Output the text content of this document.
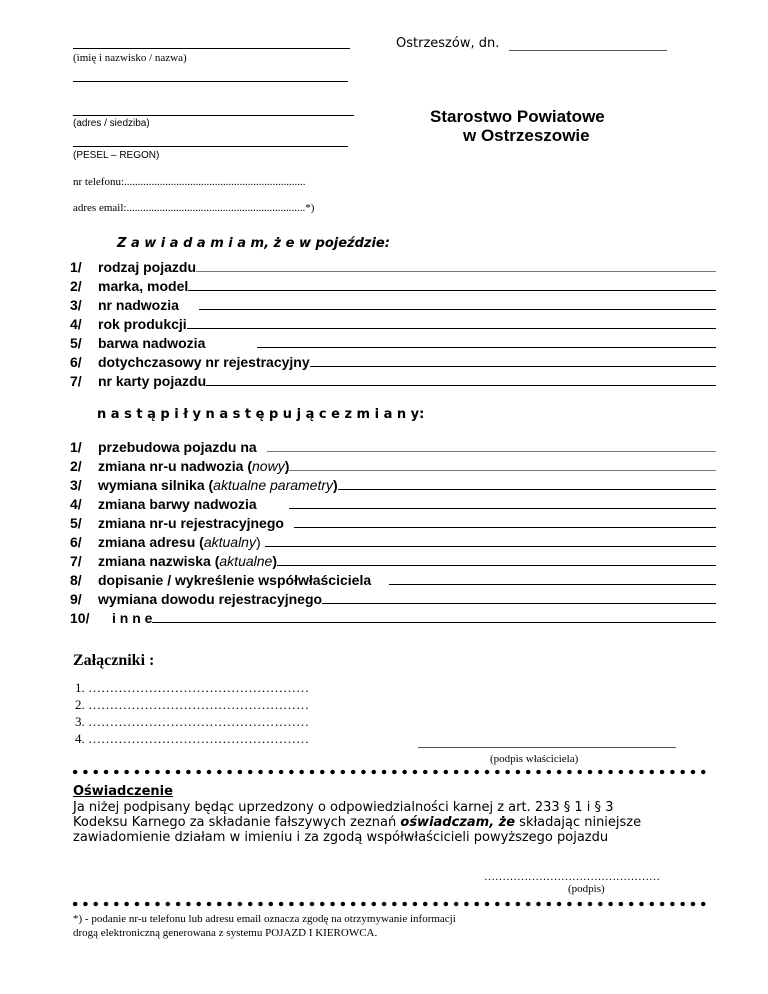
(imię i nazwisko / nazwa)
Ostrzeszów, dn.
(adres / siedziba)
(PESEL – REGON)
Starostwo Powiatowe
w Ostrzeszowie
nr telefonu:..................................................................
adres email:.................................................................*)
Z a w i a d a m i a m, ż e w pojeździe:
1/	rodzaj pojazdu
2/	marka, model
3/	nr nadwozia
4/	rok produkcji
5/	barwa nadwozia
6/	dotychczasowy nr rejestracyjny
7/	nr karty pojazdu
n a s t ą p i ł y n a s t ę p u j ą c e z m i a n y:
1/	przebudowa pojazdu na
2/	zmiana nr-u nadwozia ( nowy )
3/	wymiana silnika ( aktualne parametry )
4/	zmiana barwy nadwozia
5/	zmiana nr-u rejestracyjnego
6/	zmiana adresu ( aktualny )
7/	zmiana nazwiska ( aktualne )
8/	dopisanie / wykreślenie współwłaściciela
9/	wymiana dowodu rejestracyjnego
10/	i n n e
Załączniki :
1. ……………………………………………
2. ……………………………………………
3. ……………………………………………
4. ……………………………………………
(podpis właściciela)
Oświadczenie
Ja niżej podpisany będąc uprzedzony o odpowiedzialności karnej z art. 233 § 1 i § 3
Kodeksu Karnego za składanie fałszywych zeznań oświadczam, że składając niniejsze
zawiadomienie działam w imieniu i za zgodą współwłaścicieli powyższego pojazdu
…………………………………………
(podpis)
*) - podanie nr-u telefonu lub adresu email oznacza zgodę na otrzymywanie informacji
drogą elektroniczną generowana z systemu POJAZD I KIEROWCA.
